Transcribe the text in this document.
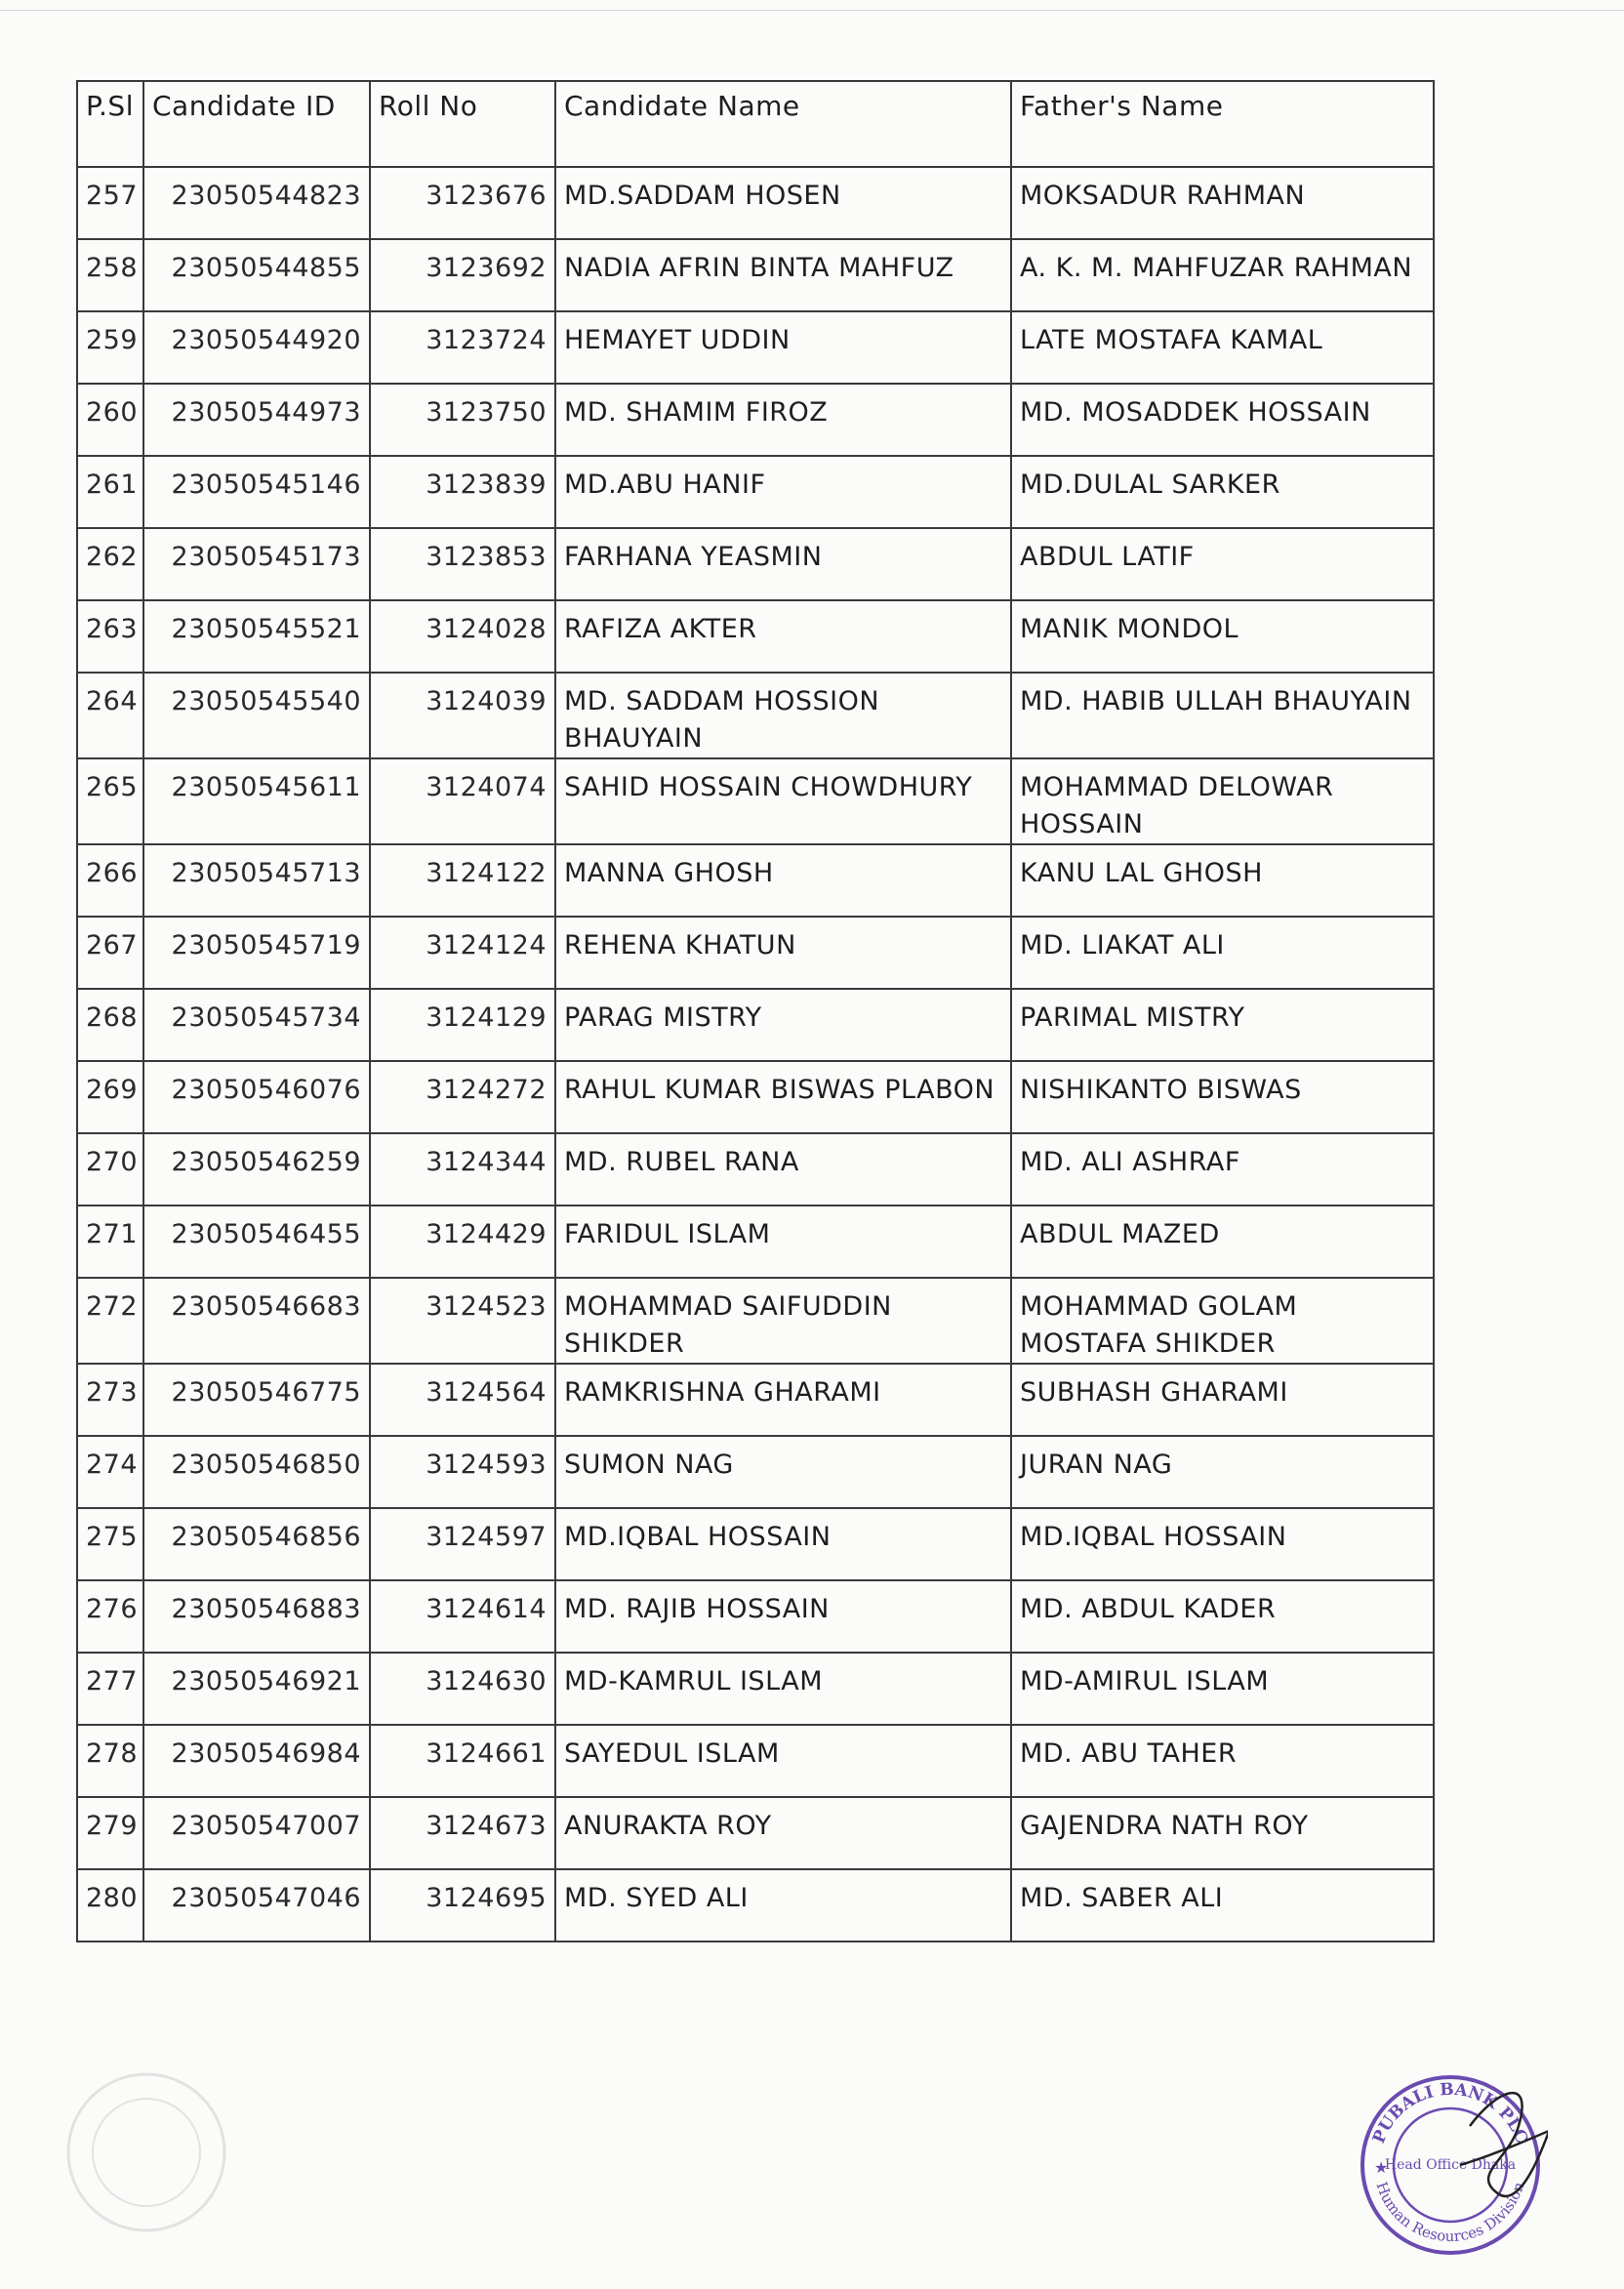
P.Sl	Candidate ID	Roll No	Candidate Name	Father's Name
257	23050544823	3123676	MD.SADDAM HOSEN	MOKSADUR RAHMAN
258	23050544855	3123692	NADIA AFRIN BINTA MAHFUZ	A. K. M. MAHFUZAR RAHMAN
259	23050544920	3123724	HEMAYET UDDIN	LATE MOSTAFA KAMAL
260	23050544973	3123750	MD. SHAMIM FIROZ	MD. MOSADDEK HOSSAIN
261	23050545146	3123839	MD.ABU HANIF	MD.DULAL SARKER
262	23050545173	3123853	FARHANA YEASMIN	ABDUL LATIF
263	23050545521	3124028	RAFIZA AKTER	MANIK MONDOL
264	23050545540	3124039	MD. SADDAM HOSSION BHAUYAIN	MD. HABIB ULLAH BHAUYAIN
265	23050545611	3124074	SAHID HOSSAIN CHOWDHURY	MOHAMMAD DELOWAR HOSSAIN
266	23050545713	3124122	MANNA GHOSH	KANU LAL GHOSH
267	23050545719	3124124	REHENA KHATUN	MD. LIAKAT ALI
268	23050545734	3124129	PARAG MISTRY	PARIMAL MISTRY
269	23050546076	3124272	RAHUL KUMAR BISWAS PLABON	NISHIKANTO BISWAS
270	23050546259	3124344	MD. RUBEL RANA	MD. ALI ASHRAF
271	23050546455	3124429	FARIDUL ISLAM	ABDUL MAZED
272	23050546683	3124523	MOHAMMAD SAIFUDDIN SHIKDER	MOHAMMAD GOLAM MOSTAFA SHIKDER
273	23050546775	3124564	RAMKRISHNA GHARAMI	SUBHASH GHARAMI
274	23050546850	3124593	SUMON NAG	JURAN NAG
275	23050546856	3124597	MD.IQBAL HOSSAIN	MD.IQBAL HOSSAIN
276	23050546883	3124614	MD. RAJIB HOSSAIN	MD. ABDUL KADER
277	23050546921	3124630	MD-KAMRUL ISLAM	MD-AMIRUL ISLAM
278	23050546984	3124661	SAYEDUL ISLAM	MD. ABU TAHER
279	23050547007	3124673	ANURAKTA ROY	GAJENDRA NATH ROY
280	23050547046	3124695	MD. SYED ALI	MD. SABER ALI
PUBALI BANK PLC
Human Resources Division
Head Office Dhaka
★
